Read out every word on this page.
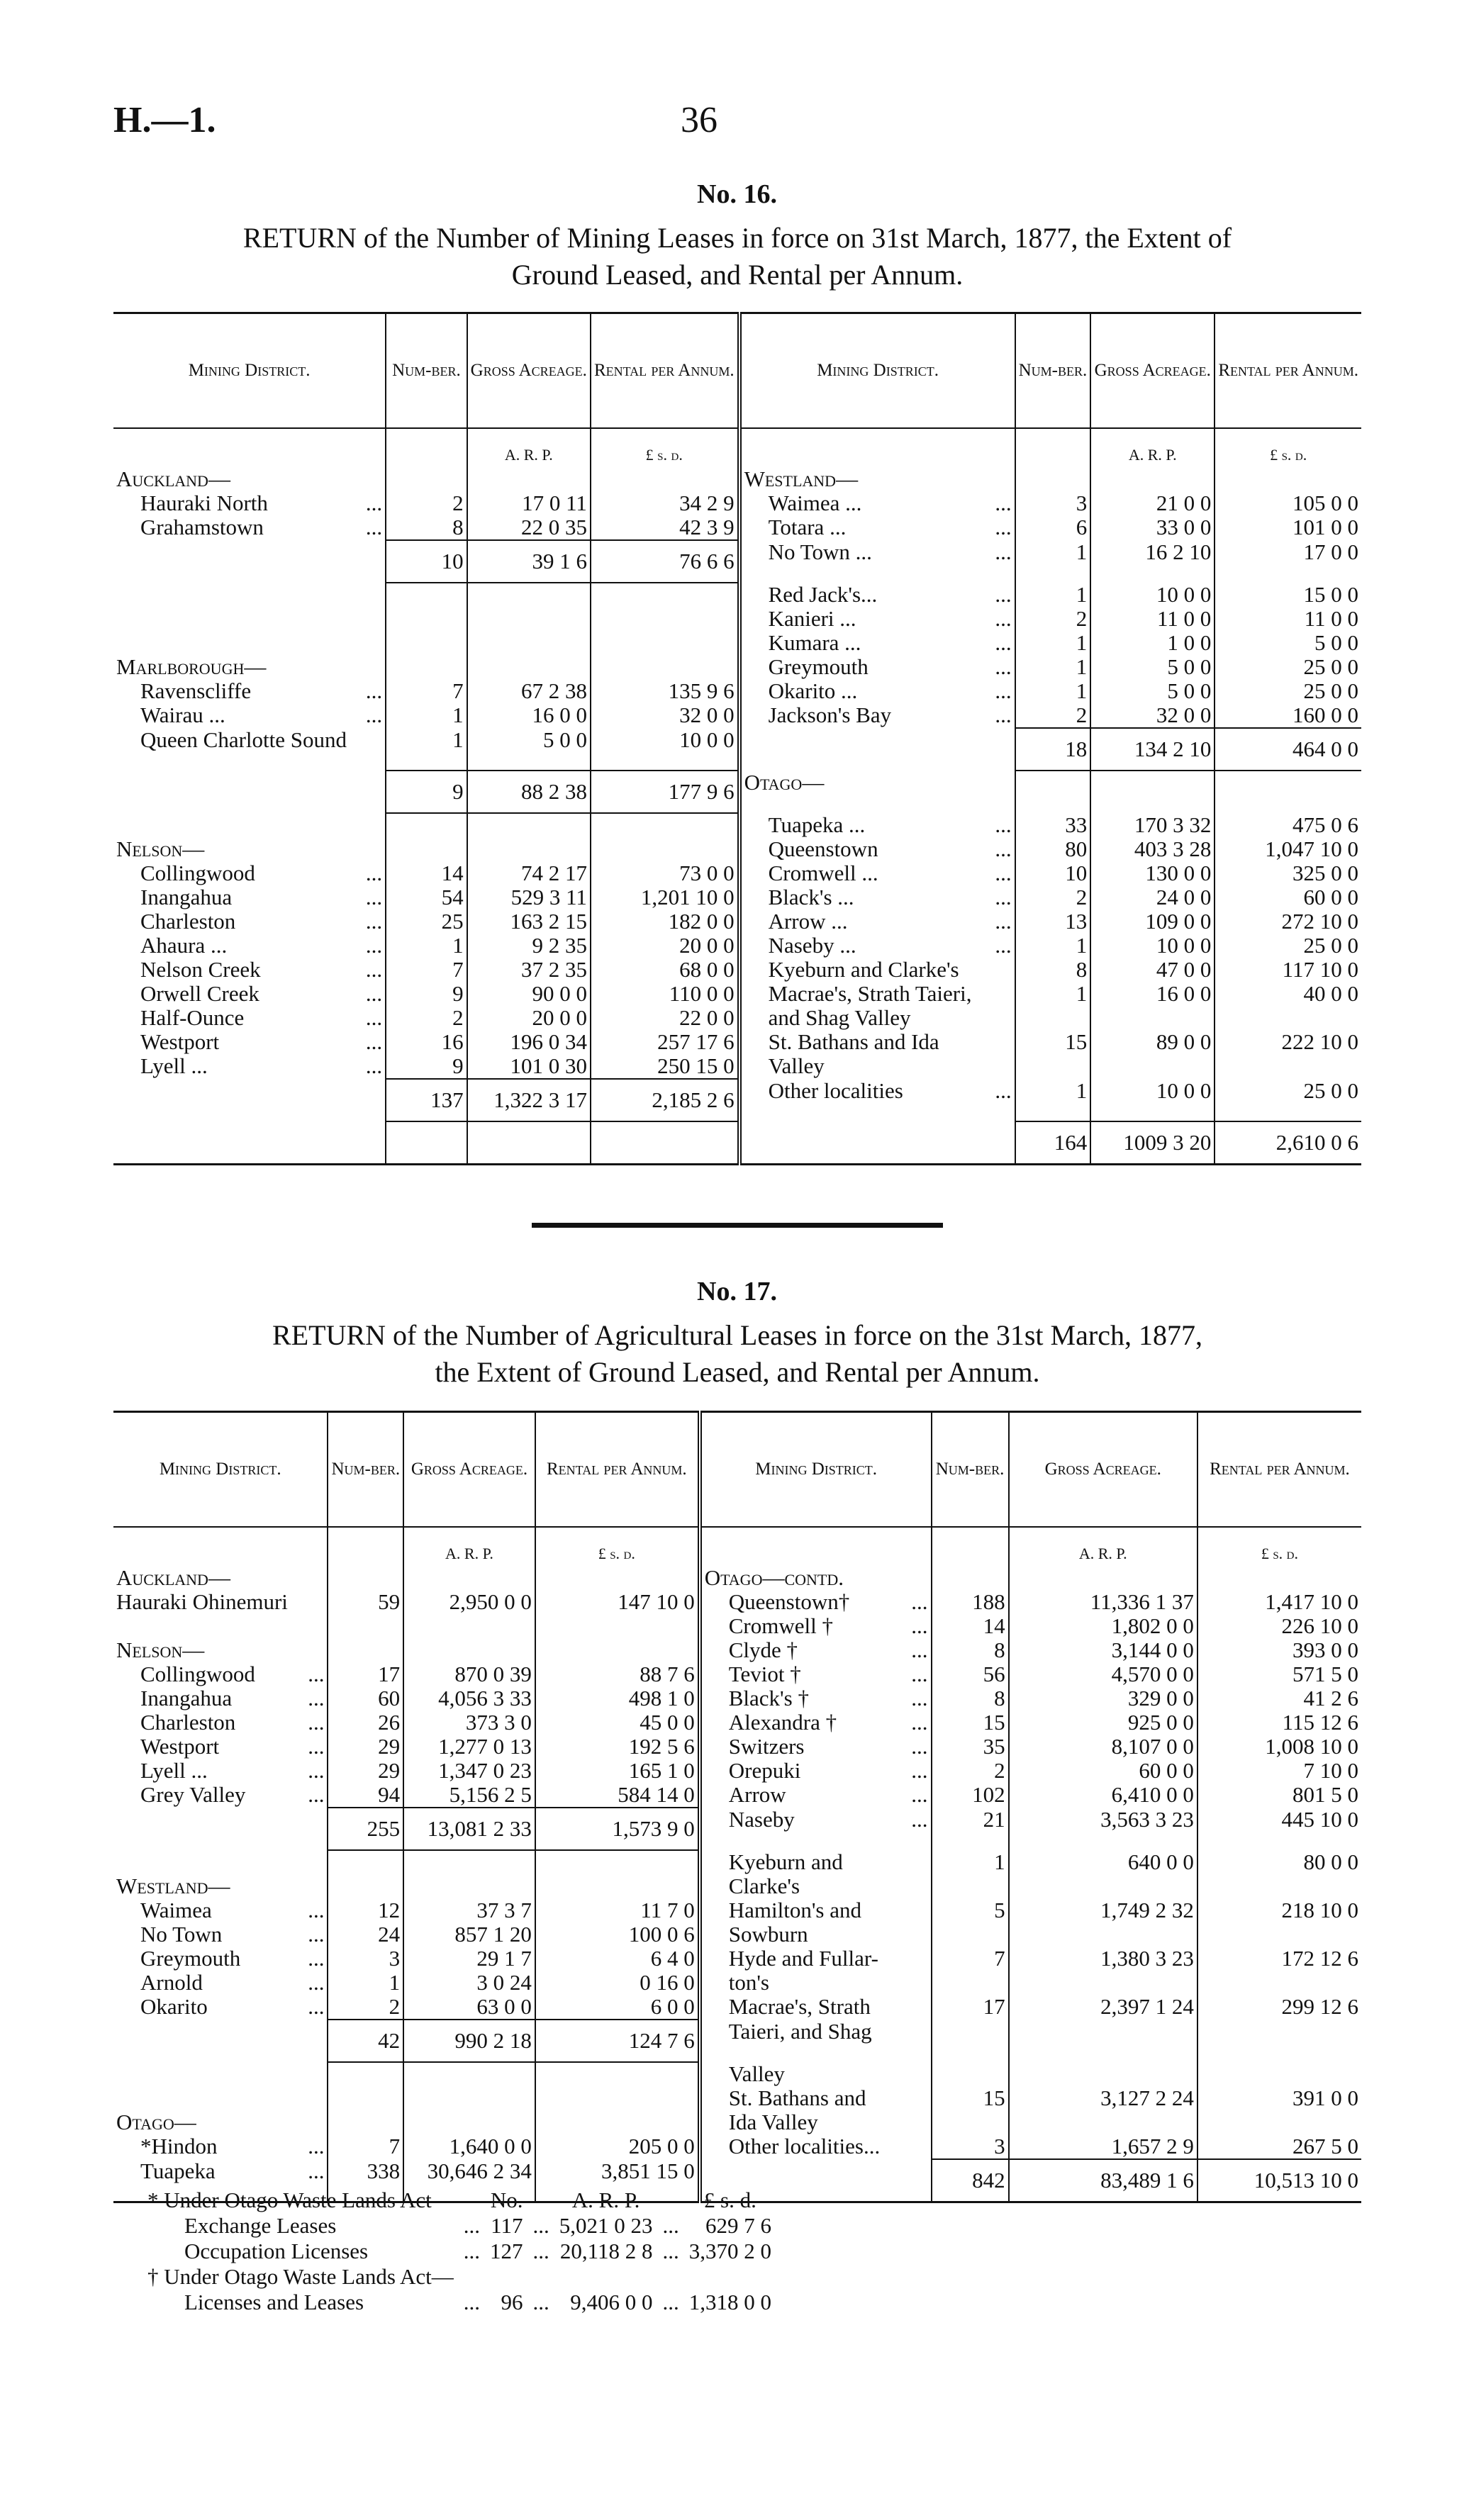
H.—1.	36
No. 16.
RETURN of the Number of Mining Leases in force on 31st March, 1877, the Extent of
Ground Leased, and Rental per Annum.
Mining District.		Num-ber.	Gross Acreage.	Rental per Annum.	Mining District.		Num-ber.	Gross Acreage.	Rental per Annum.
			A. R. P.	£ s. d.				A. R. P.	£ s. d.
Auckland—					Westland—				
Hauraki North	...	2	17 0 11	34 2 9	Waimea ...	...	3	21 0 0	105 0 0
Grahamstown	...	8	22 0 35	42 3 9	Totara ...	...	6	33 0 0	101 0 0
		10	39 1 6	76 6 6	No Town ...	...	1	16 2 10	17 0 0
					Red Jack's...	...	1	10 0 0	15 0 0
					Kanieri ...	...	2	11 0 0	11 0 0
					Kumara ...	...	1	1 0 0	5 0 0
Marlborough—					Greymouth	...	1	5 0 0	25 0 0
Ravenscliffe	...	7	67 2 38	135 9 6	Okarito ...	...	1	5 0 0	25 0 0
Wairau ...	...	1	16 0 0	32 0 0	Jackson's Bay	...	2	32 0 0	160 0 0
Queen Charlotte Sound		1	5 0 0	10 0 0			18	134 2 10	464 0 0
		9	88 2 38	177 9 6	Otago—				
					Tuapeka ...	...	33	170 3 32	475 0 6
Nelson—					Queenstown	...	80	403 3 28	1,047 10 0
Collingwood	...	14	74 2 17	73 0 0	Cromwell ...	...	10	130 0 0	325 0 0
Inangahua	...	54	529 3 11	1,201 10 0	Black's ...	...	2	24 0 0	60 0 0
Charleston	...	25	163 2 15	182 0 0	Arrow ...	...	13	109 0 0	272 10 0
Ahaura ...	...	1	9 2 35	20 0 0	Naseby ...	...	1	10 0 0	25 0 0
Nelson Creek	...	7	37 2 35	68 0 0	Kyeburn and Clarke's		8	47 0 0	117 10 0
Orwell Creek	...	9	90 0 0	110 0 0	Macrae's, Strath Taieri,		1	16 0 0	40 0 0
Half-Ounce	...	2	20 0 0	22 0 0	and Shag Valley				
Westport	...	16	196 0 34	257 17 6	St. Bathans and Ida		15	89 0 0	222 10 0
Lyell ...	...	9	101 0 30	250 15 0	Valley				
		137	1,322 3 17	2,185 2 6	Other localities	...	1	10 0 0	25 0 0
							164	1009 3 20	2,610 0 6
No. 17.
RETURN of the Number of Agricultural Leases in force on the 31st March, 1877,
the Extent of Ground Leased, and Rental per Annum.
Mining District.		Num-ber.	Gross Acreage.	Rental per Annum.	Mining District.		Num-ber.	Gross Acreage.	Rental per Annum.
			A. R. P.	£ s. d.				A. R. P.	£ s. d.
Auckland—					Otago—contd.				
Hauraki Ohinemuri		59	2,950 0 0	147 10 0	Queenstown†	...	188	11,336 1 37	1,417 10 0
					Cromwell †	...	14	1,802 0 0	226 10 0
Nelson—					Clyde †	...	8	3,144 0 0	393 0 0
Collingwood	...	17	870 0 39	88 7 6	Teviot †	...	56	4,570 0 0	571 5 0
Inangahua	...	60	4,056 3 33	498 1 0	Black's †	...	8	329 0 0	41 2 6
Charleston	...	26	373 3 0	45 0 0	Alexandra †	...	15	925 0 0	115 12 6
Westport	...	29	1,277 0 13	192 5 6	Switzers	...	35	8,107 0 0	1,008 10 0
Lyell ...	...	29	1,347 0 23	165 1 0	Orepuki	...	2	60 0 0	7 10 0
Grey Valley	...	94	5,156 2 5	584 14 0	Arrow	...	102	6,410 0 0	801 5 0
		255	13,081 2 33	1,573 9 0	Naseby	...	21	3,563 3 23	445 10 0
					Kyeburn and		1	640 0 0	80 0 0
Westland—					Clarke's				
Waimea	...	12	37 3 7	11 7 0	Hamilton's and		5	1,749 2 32	218 10 0
No Town	...	24	857 1 20	100 0 6	Sowburn				
Greymouth	...	3	29 1 7	6 4 0	Hyde and Fullar-		7	1,380 3 23	172 12 6
Arnold	...	1	3 0 24	0 16 0	ton's				
Okarito	...	2	63 0 0	6 0 0	Macrae's, Strath		17	2,397 1 24	299 12 6
		42	990 2 18	124 7 6	Taieri, and Shag				
					Valley				
					St. Bathans and		15	3,127 2 24	391 0 0
Otago—					Ida Valley				
*Hindon	...	7	1,640 0 0	205 0 0	Other localities...		3	1,657 2 9	267 5 0
Tuapeka	...	338	30,646 2 34	3,851 15 0			842	83,489 1 6	10,513 10 0
* Under Otago Waste Lands Act—		No.		A. R. P.		£ s. d.
Exchange Leases	...	117	...	5,021 0 23	...	629 7 6
Occupation Licenses	...	127	...	20,118 2 8	...	3,370 2 0
† Under Otago Waste Lands Act—						
Licenses and Leases	...	96	...	9,406 0 0	...	1,318 0 0
